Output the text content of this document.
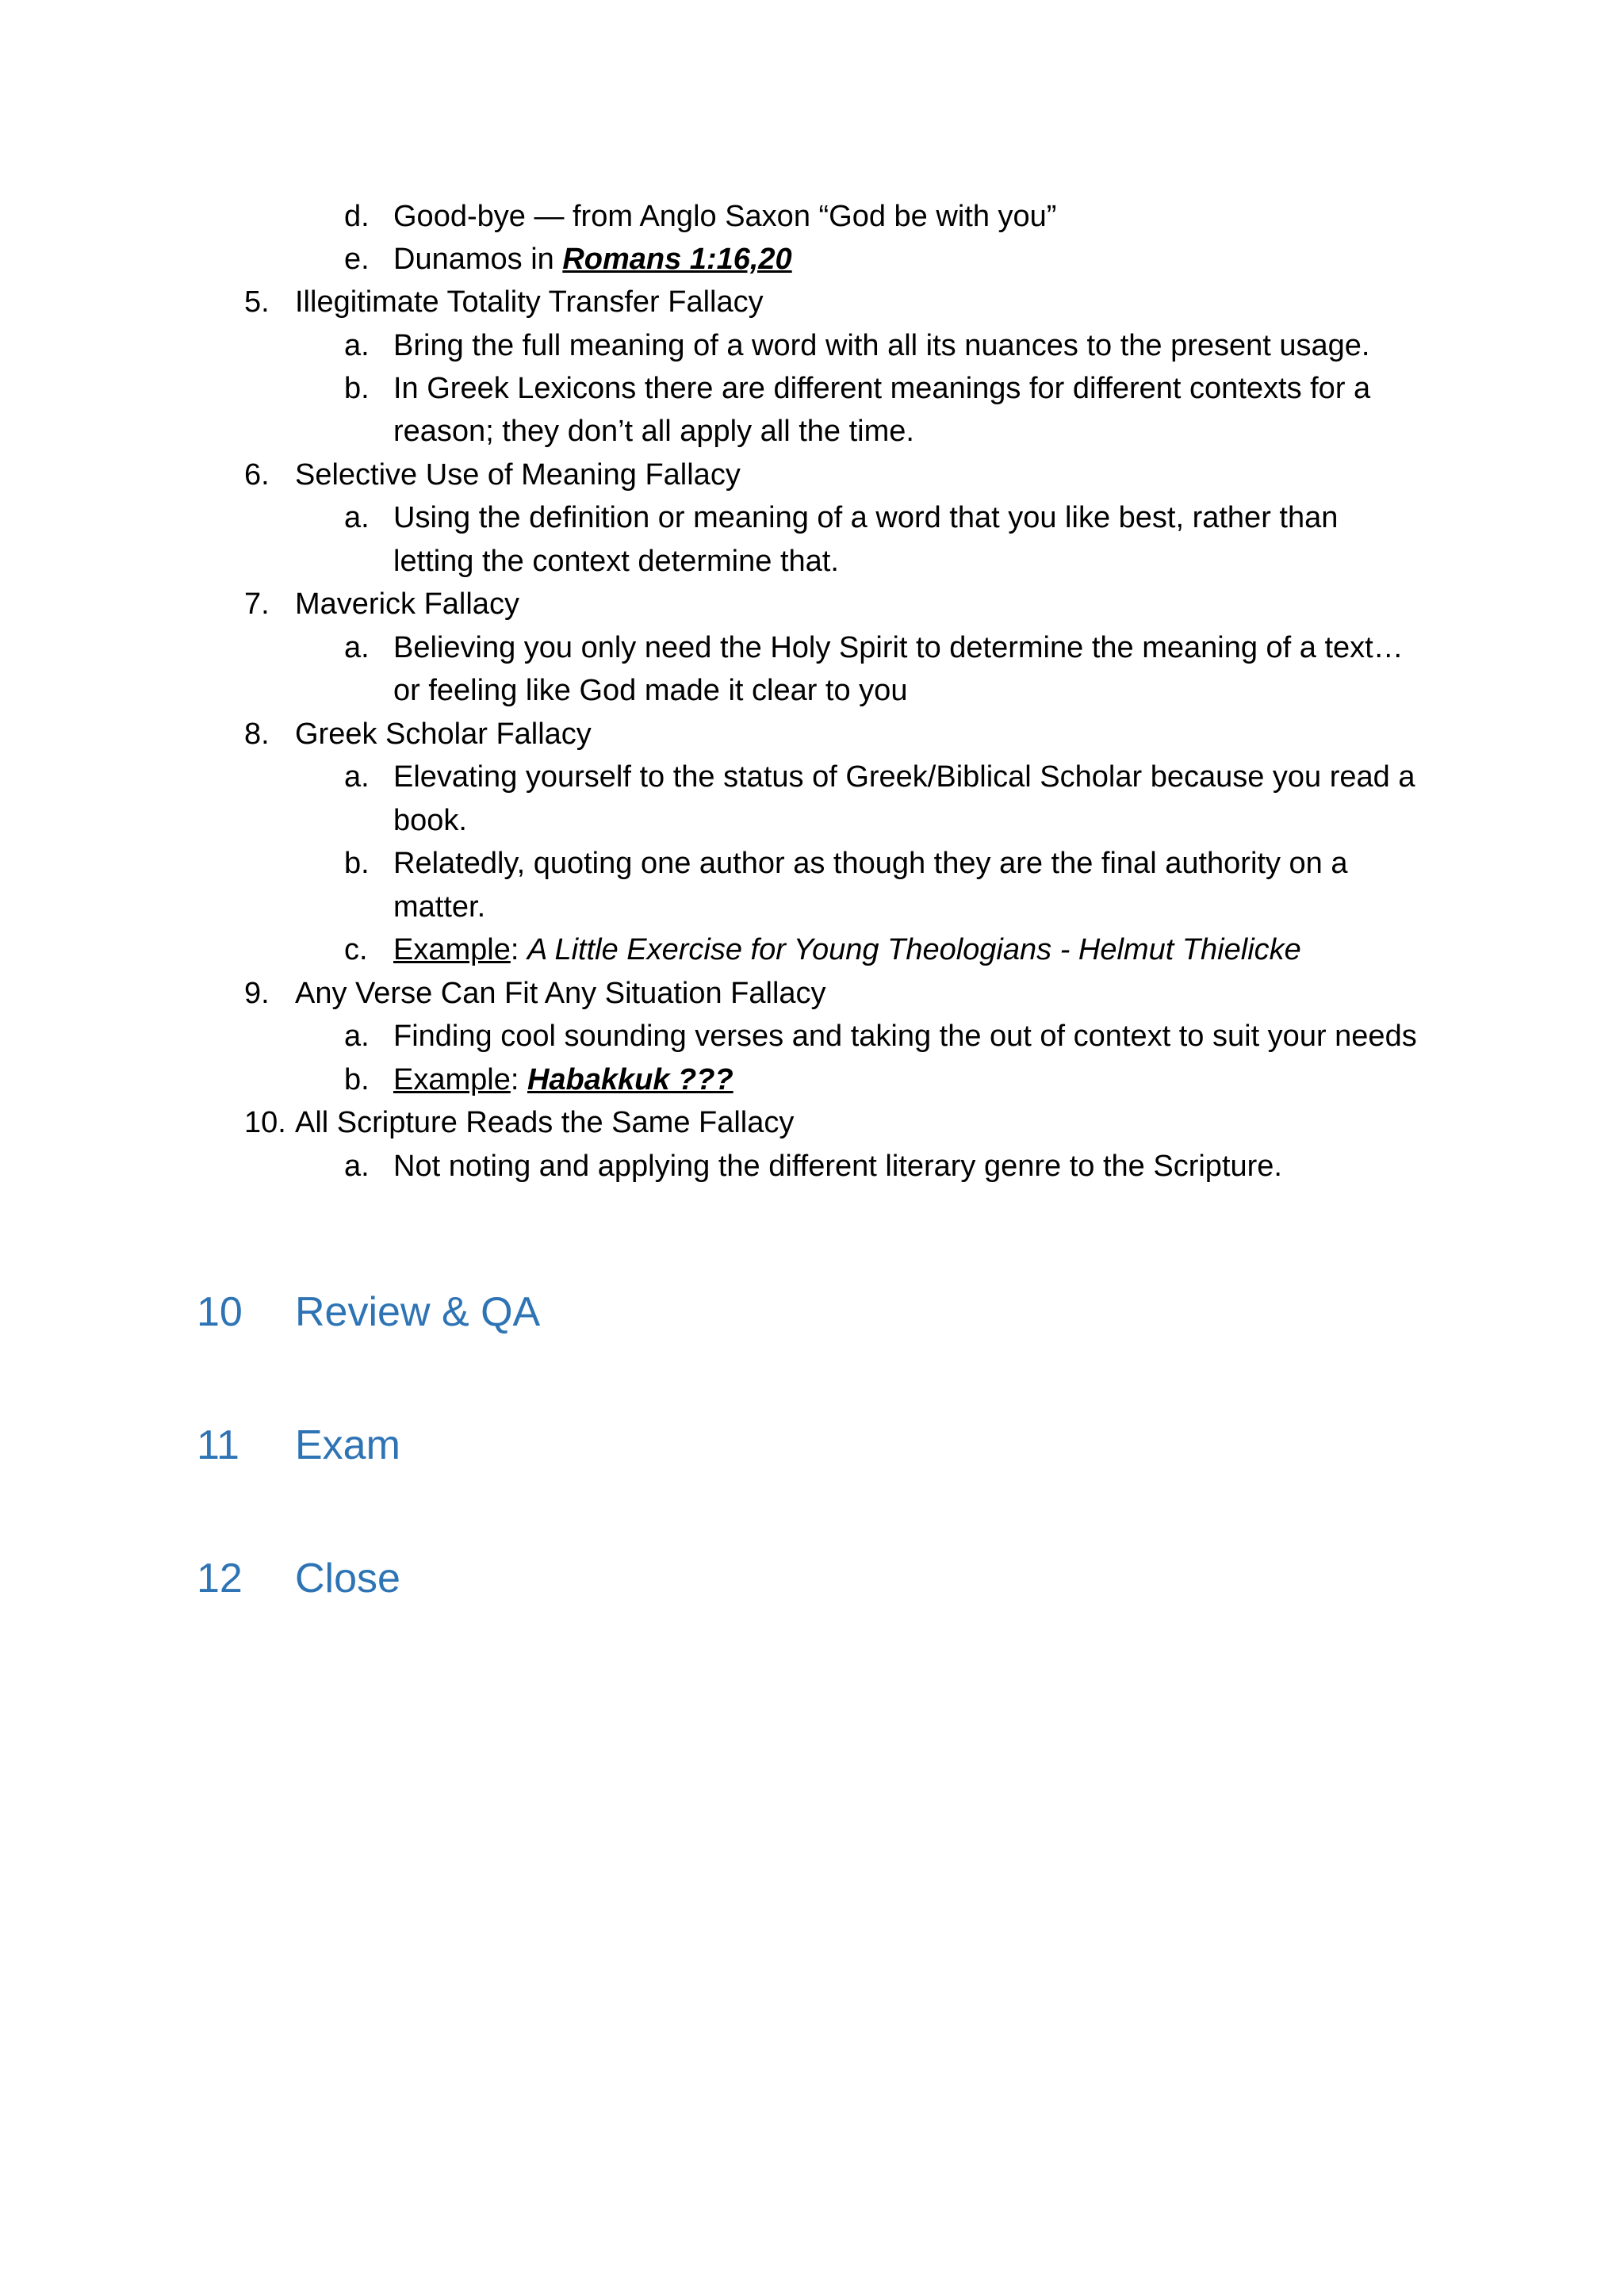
d. Good-bye — from Anglo Saxon “God be with you”
e. Dunamos in Romans 1:16,20
5. Illegitimate Totality Transfer Fallacy
a. Bring the full meaning of a word with all its nuances to the present usage.
b. In Greek Lexicons there are different meanings for different contexts for a
reason; they don’t all apply all the time.
6. Selective Use of Meaning Fallacy
a. Using the definition or meaning of a word that you like best, rather than
letting the context determine that.
7. Maverick Fallacy
a. Believing you only need the Holy Spirit to determine the meaning of a text…
or feeling like God made it clear to you
8. Greek Scholar Fallacy
a. Elevating yourself to the status of Greek/Biblical Scholar because you read a
book.
b. Relatedly, quoting one author as though they are the final authority on a
matter.
c. Example: A Little Exercise for Young Theologians - Helmut Thielicke
9. Any Verse Can Fit Any Situation Fallacy
a. Finding cool sounding verses and taking the out of context to suit your needs
b. Example: Habakkuk ???
10. All Scripture Reads the Same Fallacy
a. Not noting and applying the different literary genre to the Scripture.
10 Review & QA
11 Exam
12 Close
